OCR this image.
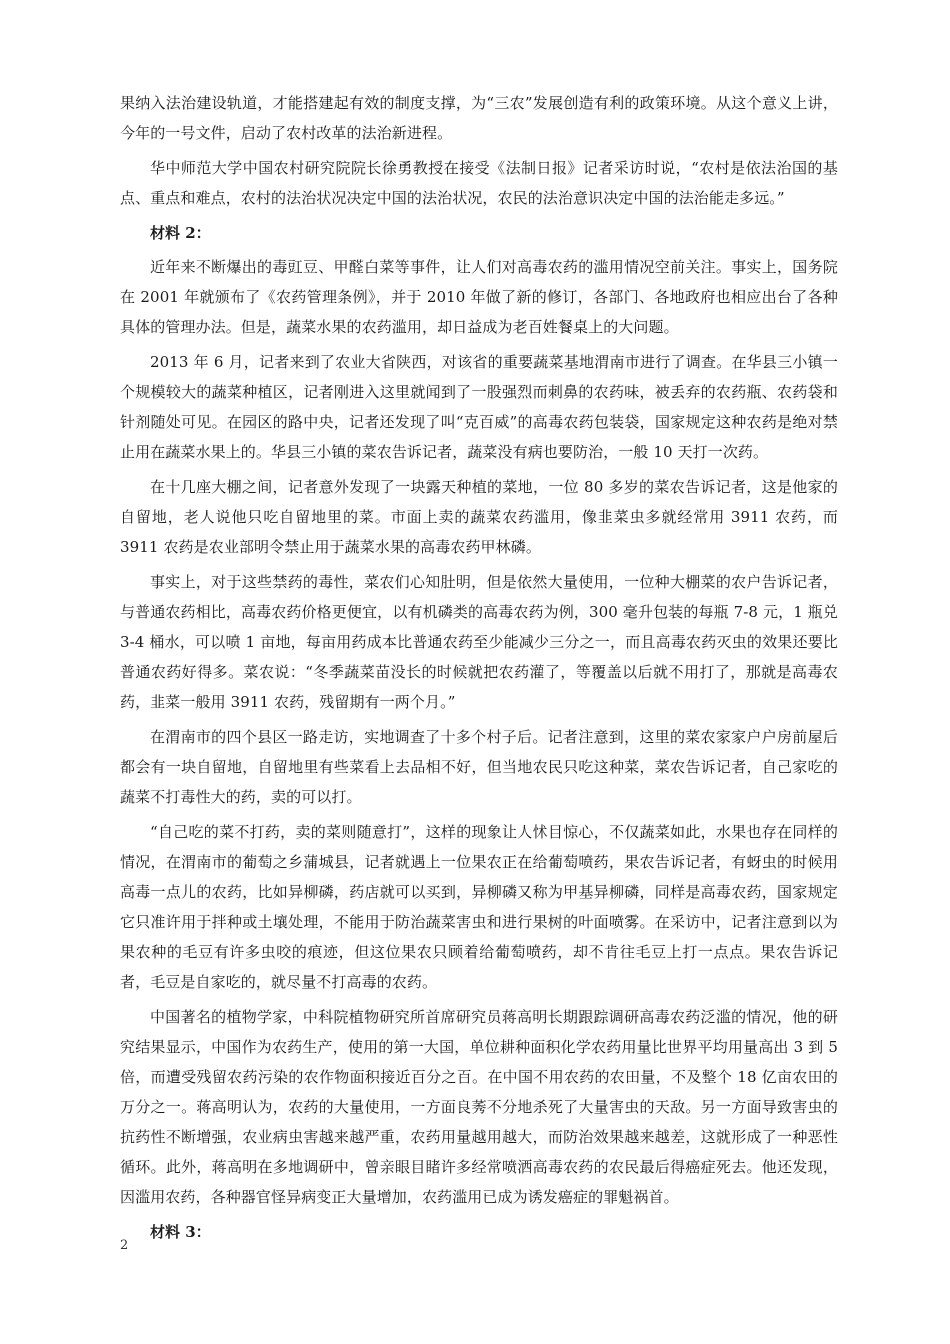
果纳入法治建设轨道，才能搭建起有效的制度支撑，为“三农”发展创造有利的政策环境。从这个意义上讲，今年的一号文件，启动了农村改革的法治新进程。

华中师范大学中国农村研究院院长徐勇教授在接受《法制日报》记者采访时说，“农村是依法治国的基点、重点和难点，农村的法治状况决定中国的法治状况，农民的法治意识决定中国的法治能走多远。”

材料 2：

近年来不断爆出的毒豇豆、甲醛白菜等事件，让人们对高毒农药的滥用情况空前关注。事实上，国务院在 2001 年就颁布了《农药管理条例》，并于 2010 年做了新的修订，各部门、各地政府也相应出台了各种具体的管理办法。但是，蔬菜水果的农药滥用，却日益成为老百姓餐桌上的大问题。

2013 年 6 月，记者来到了农业大省陕西，对该省的重要蔬菜基地渭南市进行了调查。在华县三小镇一个规模较大的蔬菜种植区，记者刚进入这里就闻到了一股强烈而刺鼻的农药味，被丢弃的农药瓶、农药袋和针剂随处可见。在园区的路中央，记者还发现了叫“克百威”的高毒农药包装袋，国家规定这种农药是绝对禁止用在蔬菜水果上的。华县三小镇的菜农告诉记者，蔬菜没有病也要防治，一般 10 天打一次药。

在十几座大棚之间，记者意外发现了一块露天种植的菜地，一位 80 多岁的菜农告诉记者，这是他家的自留地，老人说他只吃自留地里的菜。市面上卖的蔬菜农药滥用，像韭菜虫多就经常用 3911 农药，而 3911 农药是农业部明令禁止用于蔬菜水果的高毒农药甲林磷。

事实上，对于这些禁药的毒性，菜农们心知肚明，但是依然大量使用，一位种大棚菜的农户告诉记者，与普通农药相比，高毒农药价格更便宜，以有机磷类的高毒农药为例，300 毫升包装的每瓶 7-8 元，1 瓶兑 3-4 桶水，可以喷 1 亩地，每亩用药成本比普通农药至少能减少三分之一，而且高毒农药灭虫的效果还要比普通农药好得多。菜农说：“冬季蔬菜苗没长的时候就把农药灌了，等覆盖以后就不用打了，那就是高毒农药，韭菜一般用 3911 农药，残留期有一两个月。”

在渭南市的四个县区一路走访，实地调查了十多个村子后。记者注意到，这里的菜农家家户户房前屋后都会有一块自留地，自留地里有些菜看上去品相不好，但当地农民只吃这种菜，菜农告诉记者，自己家吃的蔬菜不打毒性大的药，卖的可以打。

“自己吃的菜不打药，卖的菜则随意打”，这样的现象让人怵目惊心，不仅蔬菜如此，水果也存在同样的情况，在渭南市的葡萄之乡蒲城县，记者就遇上一位果农正在给葡萄喷药，果农告诉记者，有蚜虫的时候用高毒一点儿的农药，比如异柳磷，药店就可以买到，异柳磷又称为甲基异柳磷，同样是高毒农药，国家规定它只准许用于拌种或土壤处理，不能用于防治蔬菜害虫和进行果树的叶面喷雾。在采访中，记者注意到以为果农种的毛豆有许多虫咬的痕迹，但这位果农只顾着给葡萄喷药，却不肯往毛豆上打一点点。果农告诉记者，毛豆是自家吃的，就尽量不打高毒的农药。

中国著名的植物学家，中科院植物研究所首席研究员蒋高明长期跟踪调研高毒农药泛滥的情况，他的研究结果显示，中国作为农药生产，使用的第一大国，单位耕种面积化学农药用量比世界平均用量高出 3 到 5 倍，而遭受残留农药污染的农作物面积接近百分之百。在中国不用农药的农田量，不及整个 18 亿亩农田的万分之一。蒋高明认为，农药的大量使用，一方面良莠不分地杀死了大量害虫的天敌。另一方面导致害虫的抗药性不断增强，农业病虫害越来越严重，农药用量越用越大，而防治效果越来越差，这就形成了一种恶性循环。此外，蒋高明在多地调研中，曾亲眼目睹许多经常喷洒高毒农药的农民最后得癌症死去。他还发现，因滥用农药，各种器官怪异病变正大量增加，农药滥用已成为诱发癌症的罪魁祸首。

材料 3：

2
